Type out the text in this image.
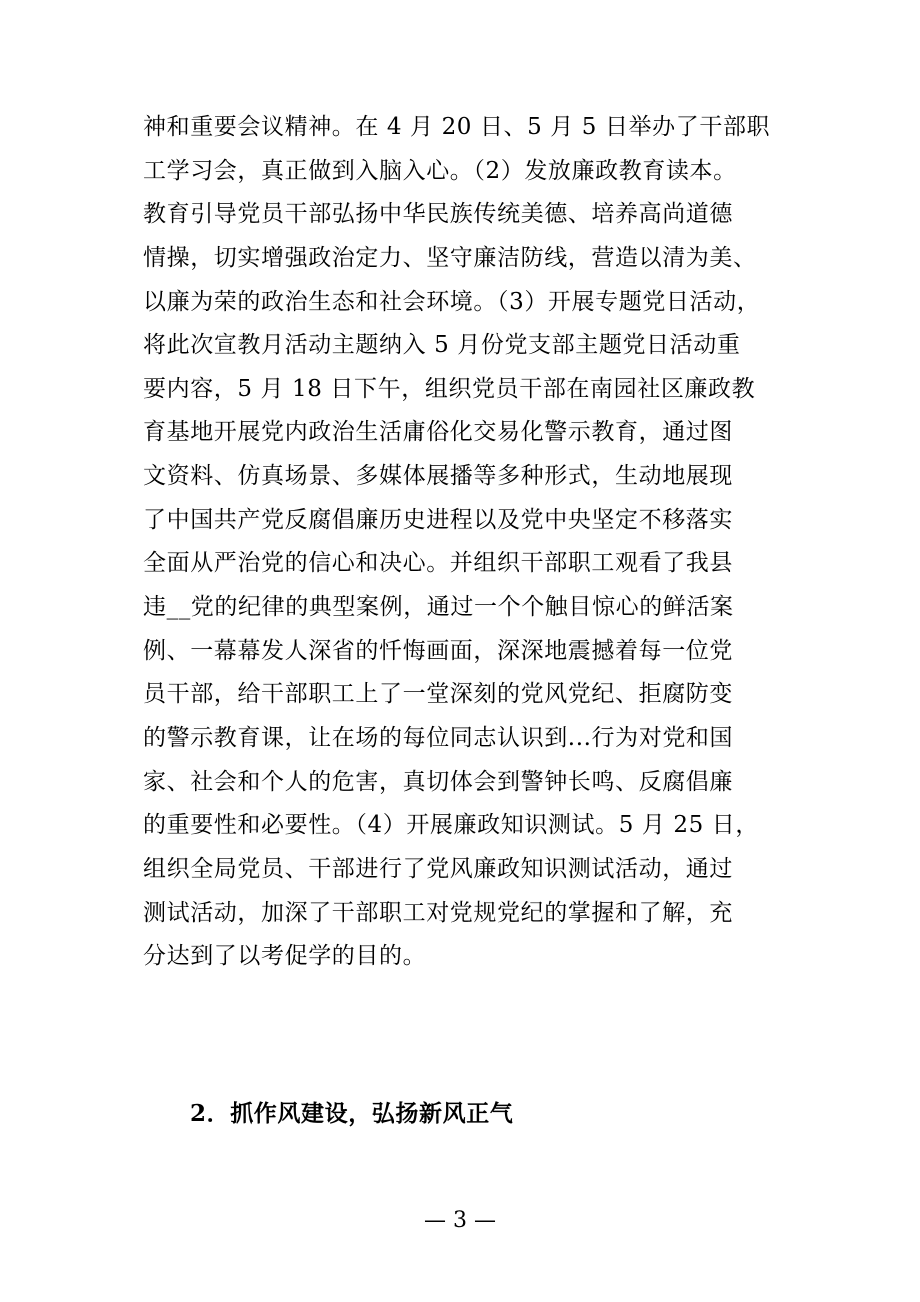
神和重要会议精神。在 4 月 20 日、5 月 5 日举办了干部职
工学习会，真正做到入脑入心。（2）发放廉政教育读本。
教育引导党员干部弘扬中华民族传统美德、培养高尚道德
情操，切实增强政治定力、坚守廉洁防线，营造以清为美、
以廉为荣的政治生态和社会环境。（3）开展专题党日活动，
将此次宣教月活动主题纳入 5 月份党支部主题党日活动重
要内容，5 月 18 日下午，组织党员干部在南园社区廉政教
育基地开展党内政治生活庸俗化交易化警示教育，通过图
文资料、仿真场景、多媒体展播等多种形式，生动地展现
了中国共产党反腐倡廉历史进程以及党中央坚定不移落实
全面从严治党的信心和决心。并组织干部职工观看了我县
违__党的纪律的典型案例，通过一个个触目惊心的鲜活案
例、一幕幕发人深省的忏悔画面，深深地震撼着每一位党
员干部，给干部职工上了一堂深刻的党风党纪、拒腐防变
的警示教育课，让在场的每位同志认识到...行为对党和国
家、社会和个人的危害，真切体会到警钟长鸣、反腐倡廉
的重要性和必要性。（4）开展廉政知识测试。5 月 25 日，
组织全局党员、干部进行了党风廉政知识测试活动，通过
测试活动，加深了干部职工对党规党纪的掌握和了解，充
分达到了以考促学的目的。
2．抓作风建设，弘扬新风正气
— 3 —
